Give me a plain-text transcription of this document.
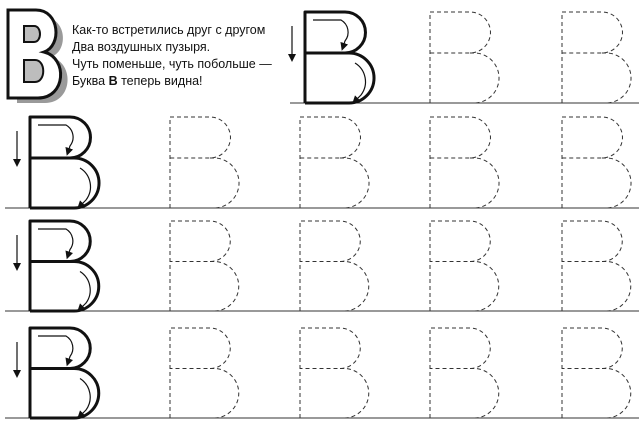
Как-то встретились друг с другом
Два воздушных пузыря.
Чуть поменьше, чуть побольше —
Буква В теперь видна!
